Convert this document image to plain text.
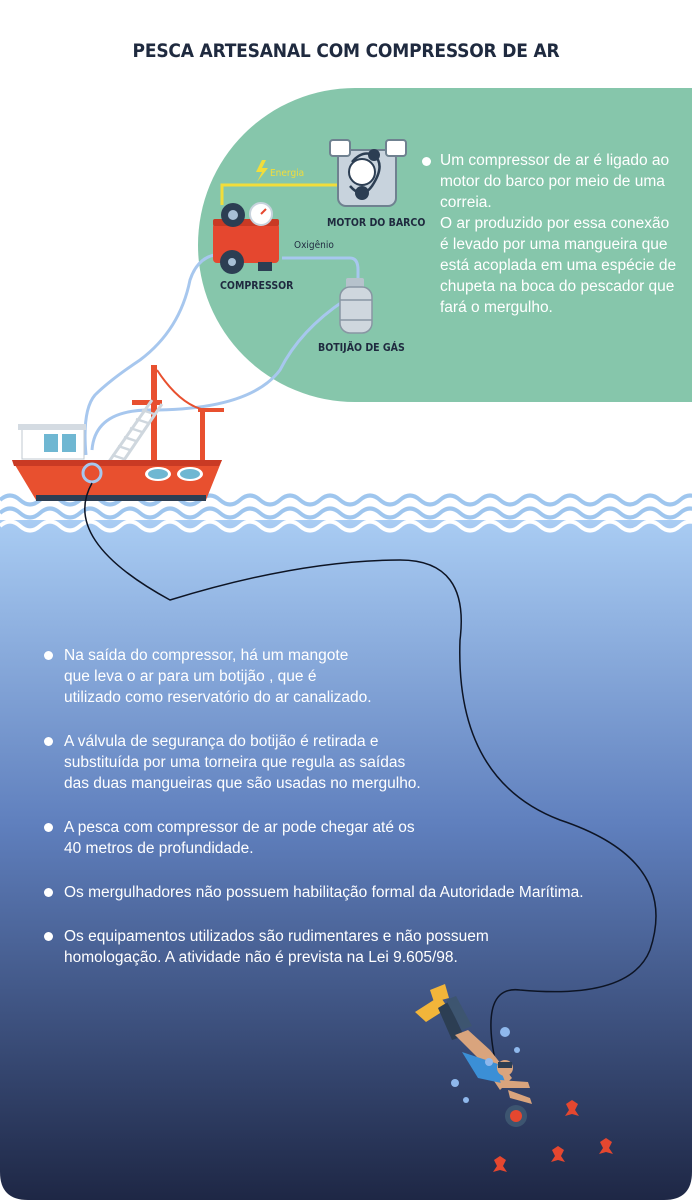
PESCA ARTESANAL COM COMPRESSOR DE AR
Energia
MOTOR DO BARCO
COMPRESSOR
Oxigênio
BOTIJÃO DE GÁS

Um compressor de ar é ligado ao motor do barco por meio de uma correia.

O ar produzido por essa conexão é levado por uma mangueira que está acoplada em uma espécie de chupeta na boca do pescador que fará o mergulho.

Na saída do compressor, há um mangote
que leva o ar para um botijão , que é
utilizado como reservatório do ar canalizado.
A válvula de segurança do botijão é retirada e
substituída por uma torneira que regula as saídas
das duas mangueiras que são usadas no mergulho.
A pesca com compressor de ar pode chegar até os
40 metros de profundidade.
Os mergulhadores não possuem habilitação formal da Autoridade Marítima.
Os equipamentos utilizados são rudimentares e não possuem
homologação. A atividade não é prevista na Lei 9.605/98.
